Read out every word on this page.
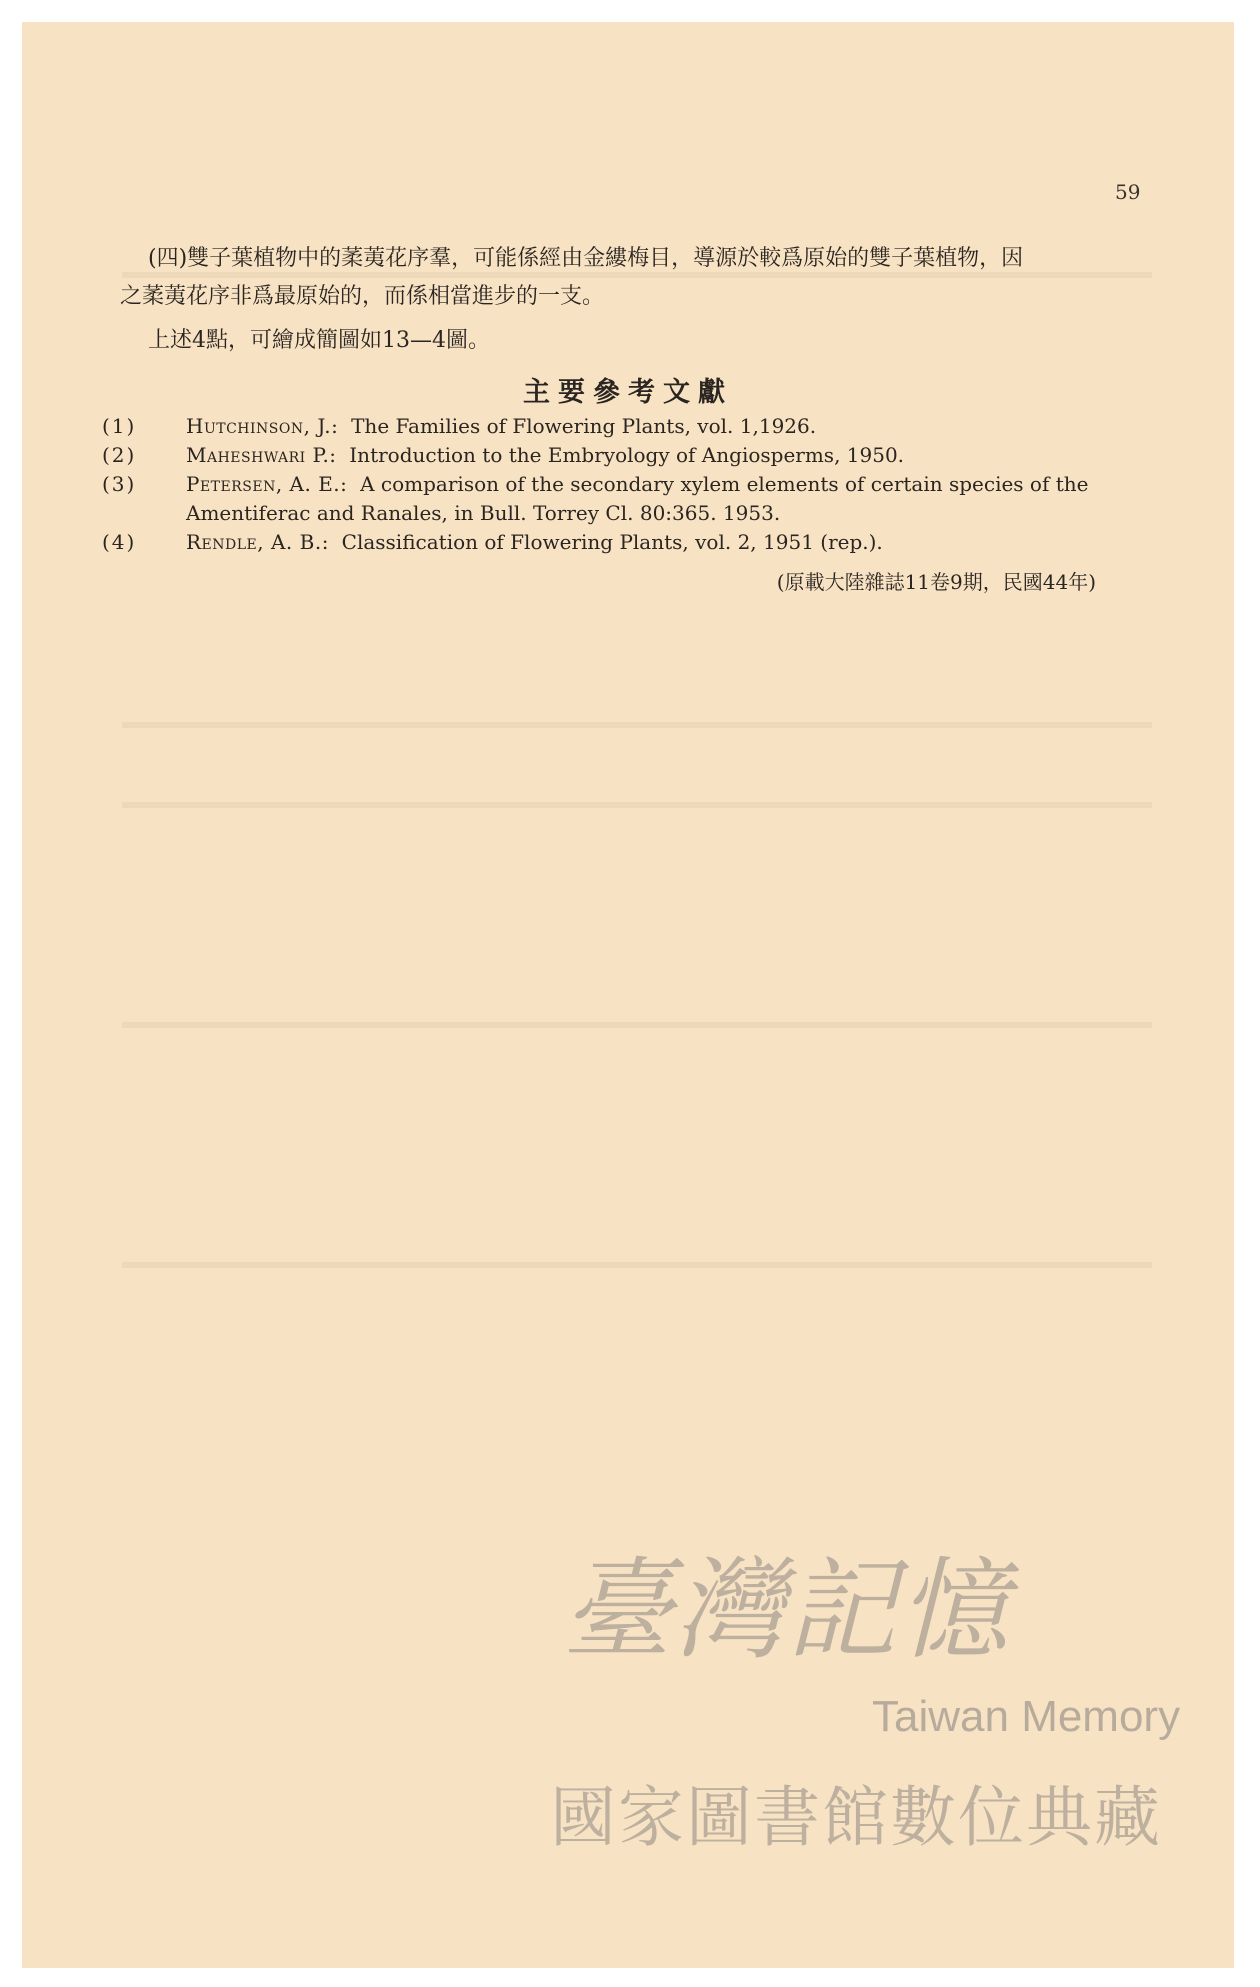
59
(四)雙子葉植物中的葇荑花序羣，可能係經由金縷梅目，導源於較爲原始的雙子葉植物，因
之葇荑花序非爲最原始的，而係相當進步的一支。
上述4點，可繪成簡圖如13—4圖。
主要參考文獻

(1) Hutchinson, J.: The Families of Flowering Plants, vol. 1,1926.

(2) Maheshwari P.: Introduction to the Embryology of Angiosperms, 1950.

(3) Petersen, A. E.: A comparison of the secondary xylem elements of certain species of the Amentiferac and Ranales, in Bull. Torrey Cl. 80:365. 1953.

(4) Rendle, A. B.: Classification of Flowering Plants, vol. 2, 1951 (rep.).

(原載大陸雜誌11卷9期，民國44年)
臺灣記憶
Taiwan Memory
國家圖書館數位典藏
